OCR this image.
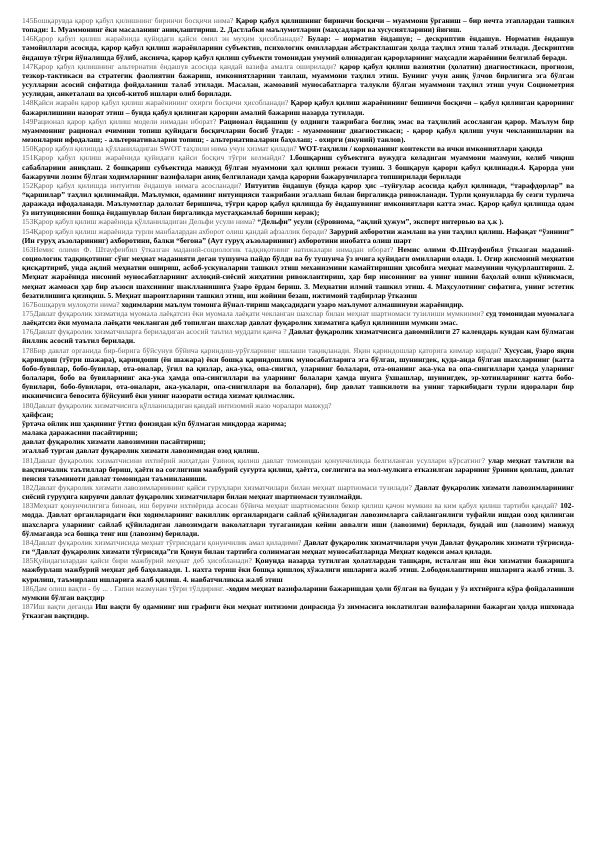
145Бошқарувда қарор қабул қилишнинг биринчи босқичи нима? Қарор қабул қилишнинг биринчи босқичи – муаммони ўрганиш – бир нечта этаплардан ташкил топади: 1. Муаммонинг ёки масаланинг аниқлаштириш. 2. Дастлабки маълумотларни (маҳсадлари ва хусусиятларини) йиғиш.

146Қарор қабул қилиш жараёнида қуйидаги қайси омил эн муҳим ҳисобланади? Булар: – норматив ёндашув; – дескриптив ёндашув. Норматив ёндашув тамойиллари асосида, қарор қабул қилиш жараёнларини субъектив, психологик омиллардан абстрактлашган ҳолда таҳлил этиш талаб этилади. Дескриптив ёндашув тўғри йўналишда бўлиб, аксинча, қарор қабул қилиш субъекти томонидан умумий олинадиган қарорларнинг маҳсадли жараёнини белгилаб беради.

147Қарор қабул қилишнинг альтернатив ёндашув асосида қандай вазифа амалга оширилади? қарор қабул қилиш вазиятни (ҳолатни) диагностикаси, прогнози, тезкор-тактикаси ва стратегик фаолиятни бажариш, имкониятларини танлаш, муаммони таҳлил этиш. Бунинг учун аниқ ўлчов бирлигига эга бўлган усулларни асосий сифатида фойдаланиш талаб этилади. Масалан, жамоавий муносабатларга талукли бўлган муаммони таҳлил этиш учун Социометрия усулидан, анкеталаш ва ҳисоб-китоб ишлари олиб борилади.

148Қайси жараён қарор қабул қилиш жараёнининг охирги босқичи ҳисобланади? Қарор қабул қилиш жараёнининг бешинчи босқичи – қабул қилинган қарорнинг бажарилишини назорат этиш – бунда қабул қилинган қарорни амалий бажариш назарда тутилади.

149Рационал қарор қабул қилиш модели нимадан иборат? Рационал ёндашиш (у олдинги тажрибага боғлиқ эмас ва таҳлилий асосланган қарор. Маълум бир муаммонинг рационал ечимини топиш қуйидаги босқичларни босиб ўтади: - муаммонинг диагностикаси; - қарор қабул қилиш учун чекланишларни ва мезонларни ифодалаш; - альтернативаларни топиш; - альтернативаларни баҳолаш; - охирги (якуний) танлов).

150Қарор қабул қилишда қўлланиладиган SWOT таҳлили нима учун хизмат қилади? WOT-таҳлили / корхонанинг контексти ва ички имкониятлари ҳақида

151Қарор қабул қилиш жараёнида қуйидаги қайси босқич тўғри келмайди? 1.бошқариш субъектига вужудга келадиган муаммони мазмуни, келиб чиқиш сабабларини аниқлаш. 2 бошқариш субъектида мавжуд бўлган муаммони ҳал қилиш режаси тузиш. 3 бошқарув қарори қабул қилинади.4. Қарорда уни бажарувчи лозим бўлган ходимларнинг вазифалари аниқ белгиланади ҳамда қарорни бажарувчиларга топширилади берилади

152Қарор қабул қилишда интуитив ёндашув нимага асосланади? Интуитив ёндашув (бунда қарор ҳис –туйғулар асосида қабул қилинади, “тарафдорлар” ва “қаршилар” таҳлил қилинмайди. Маълумки, одамнинг интуицияси тажрибани эгаллаш билан биргаликда ривожланади. Турли қонунларда бу сезги турлича даражада ифодаланади. Маълумотлар далолат беришича, тўғри қарор қабул қилишда бу ёндашувнинг имкониятлари катта эмас. Қарор қабул қилишда одам ўз интуициясини бошқа ёндашувлар билан биргаликда мустаҳкамлаб бориши керак);

153Қарор қабул қилиш жараёнида қўлланиладиган Дельфи усули нима? “Дельфи” усули (сўровнома, “ақлий ҳужум”, эксперт интервью ва ҳ.к ).

154Қарор қабул қилиш жараёнида турли манбалардан ахборот олиш қандай афзаллик беради? Зарурий ахборотни жамлаш ва уни таҳлил қилиш. Нафақат “ўзининг” (Ин гуруҳ аъзоларининг) ахборотини, балки “бегона” (Аут гуруҳ аъзоларининг) ахборотини инобатга олиш шарт

163Немис олими Ф. Штауфенбил ўтказган маданий-социологик тадқиқотнинг натижалари нимадан иборат? Немис олими Ф.Штауфенбил ўтказган маданий-социологик тадқиқотнинг сўнг меҳнат маданияти деган тушунча пайдо бўлди ва бу тушунча ўз ичига қуйидаги омилларни олади. 1. Огир жисмоний меҳнатни қисқартириб, унда ақлий меҳнатни ошириш, асбоб-ускуналарни ташкил этиш механизмини камайтиришни ҳисобига меҳнат мазмунини чуқурлаштириш. 2. Меҳнат жараёнида инсоний муносабатларнинг ахлоқий-сиёсий жиҳатини ривожлантириш, ҳар бир инсоннинг ва унинг ишини баҳолай олиш кўникмаси, меҳнат жамоаси ҳар бир аъзоси шахсининг шаклланишига ўзаро ёрдам бериш. 3. Меҳнатни илмий ташкил этиш. 4. Маҳсулотнинг сифатига, унинг эстетик безатилишига қизиқиш. 5. Меҳнат шароитларини ташкил этиш, иш жойини безаш, ижтимоий тадбирлар ўтказиш

167Бошқарув мулоқоти нима? ходимларни маълум томонга йўнал-тириш мақсадидаги узаро маълумот алмашинуви жараёнидир.

175Давлат фуқаролик хизматида муомала лаёқатсиз ёки муомала лаёқати чекланган шахслар билан меҳнат шартномаси тузилиши мумкинми? суд томонидан муомалага лаёқатсиз ёки муомала лаёқати чекланган деб топилган шахслар давлат фуқаролик хизматига қабул қилиниши мумкин эмас.

176Давлат фуқаролик хизматчиларга бериладиган асосий таътил муддати қанча ? Давлат фуқаролик хизматчисига давомийлиги 27 календарь кундан кам бўлмаган йиллик асосий таътил берилади.

178Бир давлат органида бир-бирига бўйсунув бўйича қариндош-урўғларнинг ишлаши тақиқланади. Яқин қариндошлар қаторига кимлар киради? Хусусан, ўзаро яқин қариндош (тўғри шажара), қариндоши (ён шажара) ёки бошқа қариндошлик муносабатларига эга бўлган, шунингдек, қуда-анда бўлган шахсларнинг (катта бобо-бувилар, бобо-бувилар, ота-оналар, ўғил ва қизлар, ака-ука, опа-сингил, уларнинг болалари, ота-онанинг ака-ука ва опа-сингиллари ҳамда уларнинг болалари, бобо ва бувиларнинг ака-ука ҳамда опа-сингиллари ва уларнинг болалари ҳамда шунга ўхшашлар, шунингдек, эр-хотинларнинг катта бобо-бувилари, бобо-бувилари, ота-оналари, ака-укалари, опа-сингиллари ва болалари), бир давлат ташкилоти ва унинг таркибидаги турли идоралари бир иккинчисига бевосита бўйсуниб ёки унинг назорати остида хизмат қилмаслик.

180Давлат фуқаролик хизматчисига қўлланиладиган қандай интизомий жазо чоралари мавжуд?

ҳайфсан;

ўртача ойлик иш ҳақининг ўттиз фоизидан кўп бўлмаган миқдорда жарима;

малака даражасини пасайтириш;

давлат фуқаролик хизмати лавозимини пасайтириш;

эгаллаб турган давлат фуқаролик хизмати лавозимидан озод қилиш.

181Давлат фуқаролик хизматчисини ихтиёрий жиҳатдан ўзиноқ қилиш давлат томонидан қонунчиликда белгиланган усуллари кўрсатинг? улар меҳнат таътили ва вақтинчалик таътиллар бериш, ҳаёти ва соғлигини мажбурий суғурта қилиш, ҳаётга, соғлигига ва мол-мулкига етказилган зарарнинг ўрнини қоплаш, давлат пенсия таъминоти давлат томонидан таъминланиши.

182Давлат фуқаролик хизмати лавозимлариининг қайси гуруҳлари хизматчилари билан меҳнат шартномаси тузилади? Давлат фуқаролик хизмати лавозимларининг сиёсий гуруҳига кирувчи давлат фуқаролик хизматчилари билан меҳнат шартномаси тузилмайди.

183Меҳнат қонунчилигига биноан, иш берувчи ихтиёрида асосан бўйича меҳнат шартномасини бекор қилиш қачон мумкин ва ким қабул қилиш тартиби қандай? 102-модда. Давлат органларидаги ёки ходимларнинг вакиллик органларидаги сайлаб қўйиладиган лавозимларга сайланганлиги туфайли ишдан озод қилинган шахсларга уларнинг сайлаб қўйиладиган лавозимдаги ваколатлари тугаганидан кейин аввалги иши (лавозими) берилади, бундай иш (лавозим) мавжуд бўлмаганда эса бошқа тенг иш (лавозим) берилади.

184Давлат фуқаролик хизматчисида меҳнат тўғрисидаги қонунчилик амал қиладими? Давлат фуқаролик хизматчилари учун Давлат фуқаролик хизмати тўғрисида-ги “Давлат фуқаролик хизмати тўғрисида”ги Қонун билан тартибга солинмаган меҳнат муносабатларида Меҳнат кодекси амал қилади.

185Қуйидагилардан қайси бири мажбурий меҳнат деб ҳисобланади? Қонунда назарда тутилган ҳолатлардан ташқари, исталган иш ёки хизматни бажаришга мажбурлаш мажбурий меҳнат деб баҳоланади. 1. нахта териш ёки бошқа қишлоқ хўжалиги ишларига жалб этиш. 2.ободонлаштириш ишларига жалб этиш. 3. курилиш, таъмирлаш ишларига жалб қилиш. 4. навбатчиликка жалб этиш

186Дам олиш вақти - бу ... . Гапни мазмунан тўғри тўлдиринг. -ходим меҳнат вазифаларини бажаришдан ҳоли бўлган ва бундан у ўз ихтиёрига кўра фойдаланиши мумкин бўлган вақтдир

187Иш вақти деганда Иш вақти бу одамнинг иш графиги ёки меҳнат интизоми доирасида ўз зиммасига юклатилган вазифаларини бажарган ҳолда ишхонада ўтказган вақтидир.
